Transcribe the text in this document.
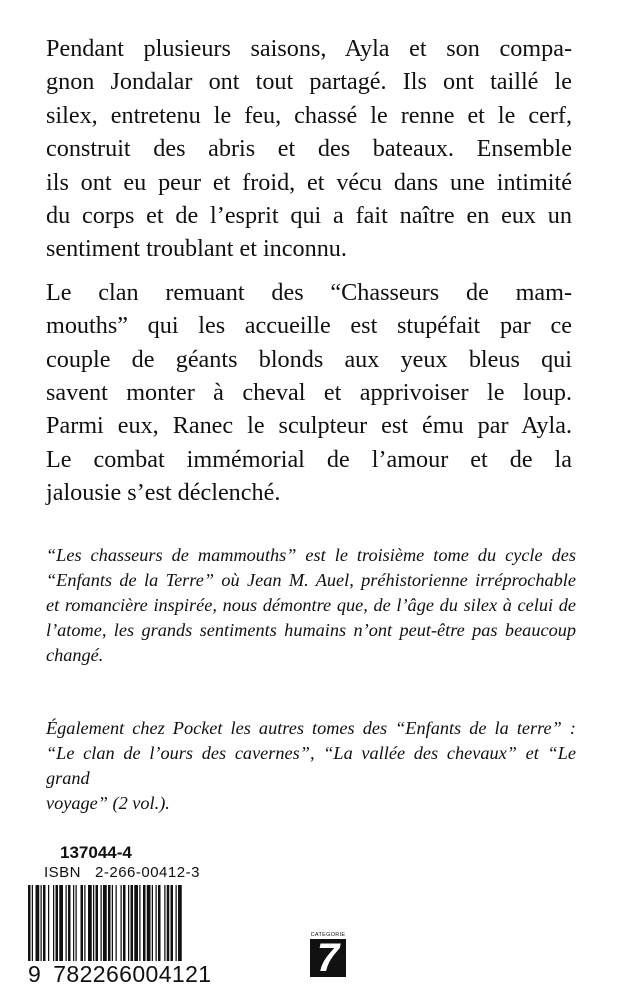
Pendant plusieurs saisons, Ayla et son compa-

gnon Jondalar ont tout partagé. Ils ont taillé le

silex, entretenu le feu, chassé le renne et le cerf,

construit des abris et des bateaux. Ensemble

ils ont eu peur et froid, et vécu dans une intimité

du corps et de l’esprit qui a fait naître en eux un

sentiment troublant et inconnu.

Le clan remuant des “Chasseurs de mam-

mouths” qui les accueille est stupéfait par ce

couple de géants blonds aux yeux bleus qui

savent monter à cheval et apprivoiser le loup.

Parmi eux, Ranec le sculpteur est ému par Ayla.

Le combat immémorial de l’amour et de la

jalousie s’est déclenché.

“Les chasseurs de mammouths” est le troisième tome du cycle des

“Enfants de la Terre” où Jean M. Auel, préhistorienne irréprochable

et romancière inspirée, nous démontre que, de l’âge du silex à celui de

l’atome, les grands sentiments humains n’ont peut-être pas beaucoup

changé.

Également chez Pocket les autres tomes des “Enfants de la terre” :

“Le clan de l’ours des cavernes”, “La vallée des chevaux” et “Le grand

voyage” (2 vol.).

137044-4

ISBN 2-266-00412-3

9 782266004121

CATEGORIE

7
